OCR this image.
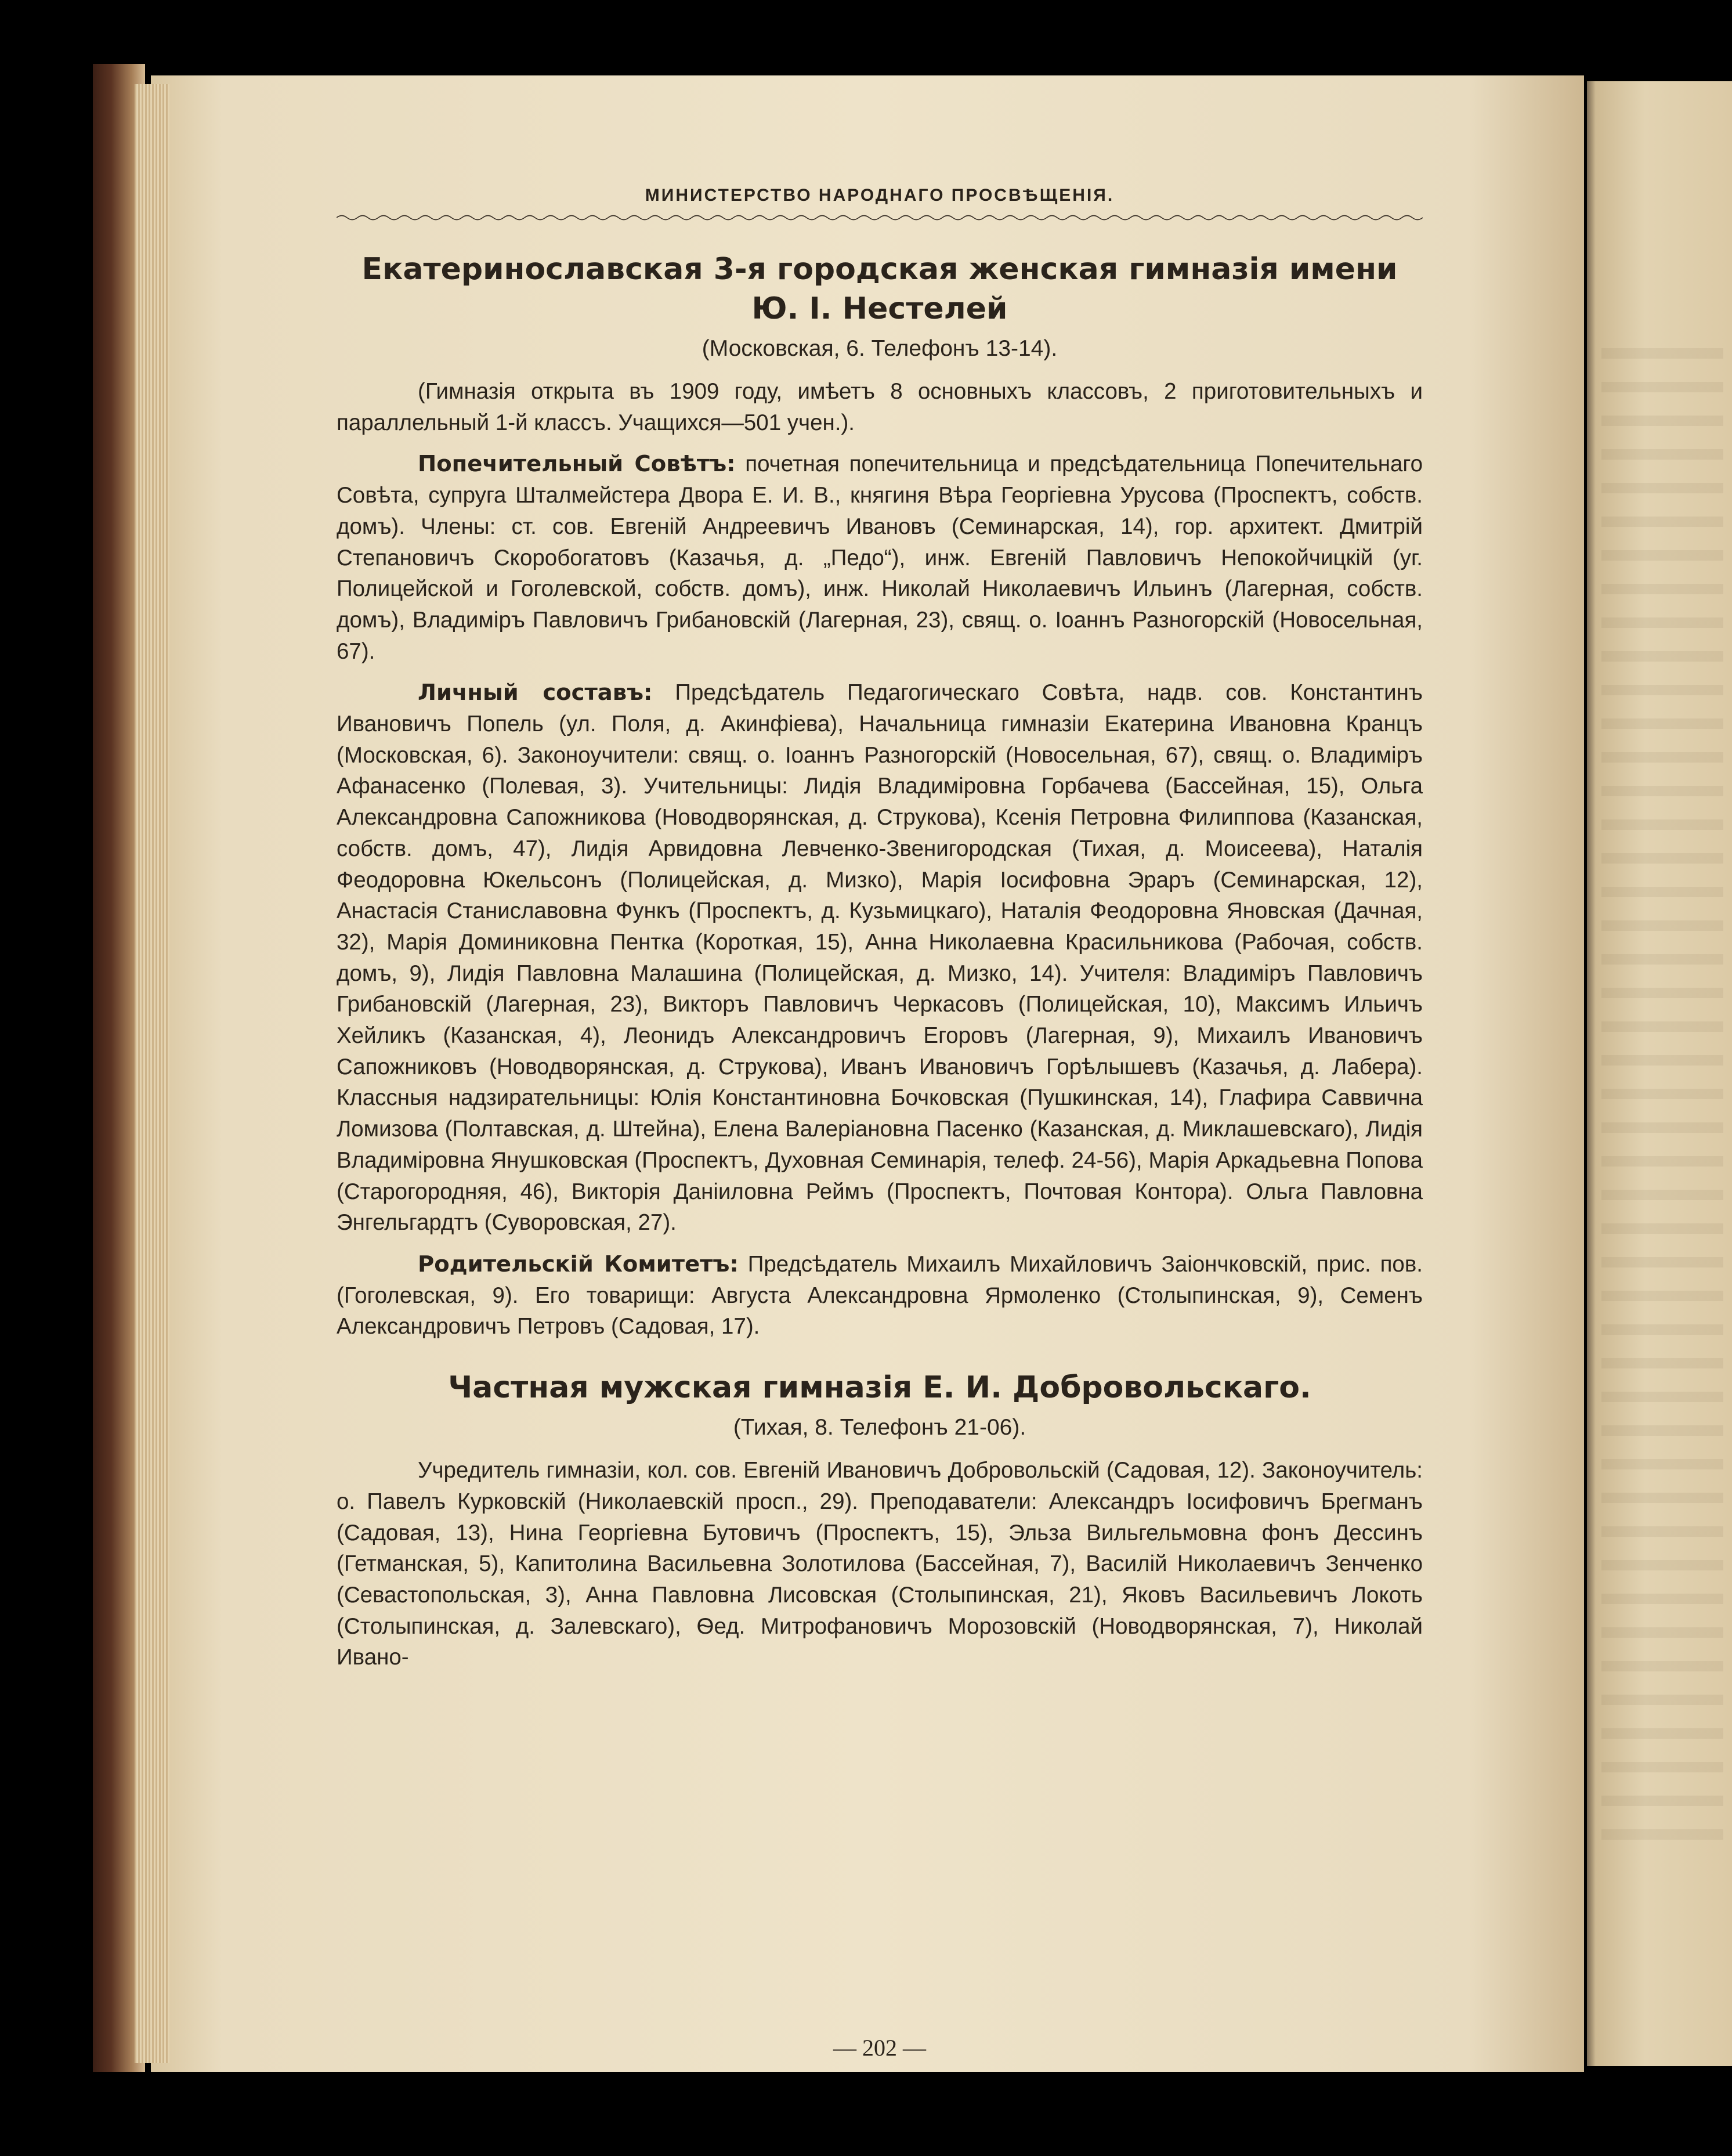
МИНИСТЕРСТВО НАРОДНАГО ПРОСВѢЩЕНІЯ.

Екатеринославская 3-я городская женская гимназія имени

Ю. І. Нестелей

(Московская, 6. Телефонъ 13-14).

(Гимназія открыта въ 1909 году, имѣетъ 8 основныхъ классовъ, 2 приготовительныхъ и параллельный 1-й классъ. Учащихся—501 учен.).

Попечительный Совѣтъ: почетная попечительница и предсѣдательница Попечительнаго Совѣта, супруга Шталмейстера Двора Е. И. В., княгиня Вѣра Георгіевна Урусова (Проспектъ, собств. домъ). Члены: ст. сов. Евгеній Андреевичъ Ивановъ (Семинарская, 14), гор. архитект. Дмитрій Степановичъ Скоробогатовъ (Казачья, д. „Педо“), инж. Евгеній Павловичъ Непокойчицкій (уг. Полицейской и Гоголевской, собств. домъ), инж. Николай Николаевичъ Ильинъ (Лагерная, собств. домъ), Владиміръ Павловичъ Грибановскій (Лагерная, 23), свящ. о. Іоаннъ Разногорскій (Новосельная, 67).

Личный составъ: Предсѣдатель Педагогическаго Совѣта, надв. сов. Константинъ Ивановичъ Попель (ул. Поля, д. Акинфіева), Начальница гимназіи Екатерина Ивановна Кранцъ (Московская, 6). Законоучители: свящ. о. Іоаннъ Разногорскій (Новосельная, 67), свящ. о. Владиміръ Афанасенко (Полевая, 3). Учительницы: Лидія Владиміровна Горбачева (Бассейная, 15), Ольга Александровна Сапожникова (Новодворянская, д. Струкова), Ксенія Петровна Филиппова (Казанская, собств. домъ, 47), Лидія Арвидовна Левченко-Звенигородская (Тихая, д. Моисеева), Наталія Феодоровна Юкельсонъ (Полицейская, д. Мизко), Марія Іосифовна Эраръ (Семинарская, 12), Анастасія Станиславовна Функъ (Проспектъ, д. Кузьмицкаго), Наталія Феодоровна Яновская (Дачная, 32), Марія Доминиковна Пентка (Короткая, 15), Анна Николаевна Красильникова (Рабочая, собств. домъ, 9), Лидія Павловна Малашина (Полицейская, д. Мизко, 14). Учителя: Владиміръ Павловичъ Грибановскій (Лагерная, 23), Викторъ Павловичъ Черкасовъ (Полицейская, 10), Максимъ Ильичъ Хейликъ (Казанская, 4), Леонидъ Александровичъ Егоровъ (Лагерная, 9), Михаилъ Ивановичъ Сапожниковъ (Новодворянская, д. Струкова), Иванъ Ивановичъ Горѣлышевъ (Казачья, д. Лабера). Классныя надзирательницы: Юлія Константиновна Бочковская (Пушкинская, 14), Глафира Саввична Ломизова (Полтавская, д. Штейна), Елена Валеріановна Пасенко (Казанская, д. Миклашевскаго), Лидія Владиміровна Янушковская (Проспектъ, Духовная Семинарія, телеф. 24-56), Марія Аркадьевна Попова (Старогородняя, 46), Викторія Даніиловна Реймъ (Проспектъ, Почтовая Контора). Ольга Павловна Энгельгардтъ (Суворовская, 27).

Родительскій Комитетъ: Предсѣдатель Михаилъ Михайловичъ Заіончковскій, прис. пов. (Гоголевская, 9). Его товарищи: Августа Александровна Ярмоленко (Столыпинская, 9), Семенъ Александровичъ Петровъ (Садовая, 17).

Частная мужская гимназія Е. И. Добровольскаго.

(Тихая, 8. Телефонъ 21-06).

Учредитель гимназіи, кол. сов. Евгеній Ивановичъ Добровольскій (Садовая, 12). Законоучитель: о. Павелъ Курковскій (Николаевскій просп., 29). Преподаватели: Александръ Іосифовичъ Брегманъ (Садовая, 13), Нина Георгіевна Бутовичъ (Проспектъ, 15), Эльза Вильгельмовна фонъ Дессинъ (Гетманская, 5), Капитолина Васильевна Золотилова (Бассейная, 7), Василій Николаевичъ Зенченко (Севастопольская, 3), Анна Павловна Лисовская (Столыпинская, 21), Яковъ Васильевичъ Локоть (Столыпинская, д. Залевскаго), Ѳед. Митрофановичъ Морозовскій (Новодворянская, 7), Николай Ивано-

— 202 —
